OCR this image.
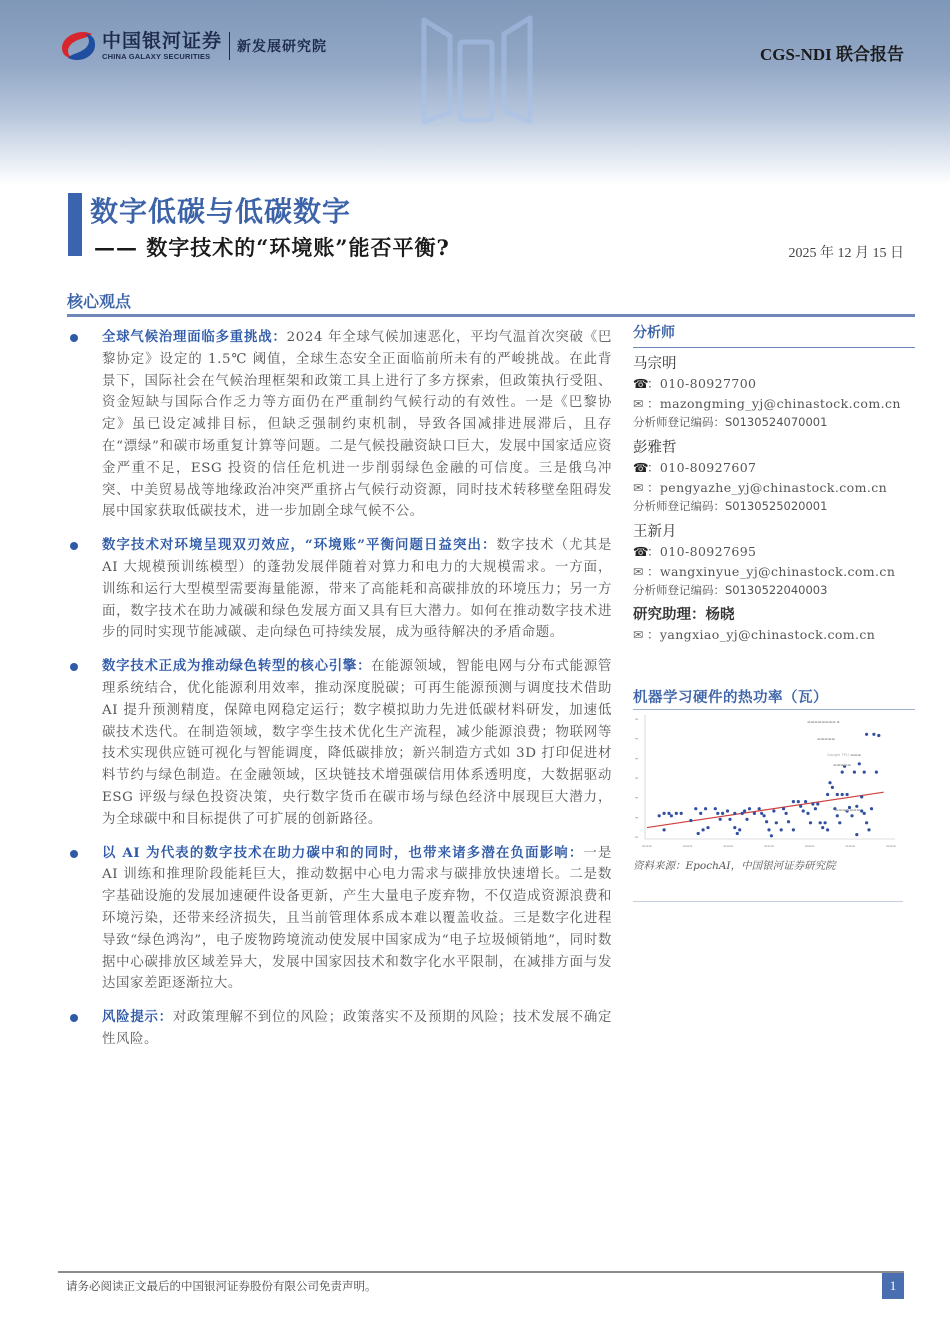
中国银河证券
CHINA GALAXY SECURITIES
新发展研究院	CGS-NDI 联合报告
数字低碳与低碳数字
—— 数字技术的“环境账”能否平衡?	2025 年 12 月 15 日
核心观点

全球气候治理面临多重挑战：2024 年全球气候加速恶化，平均气温首次突破《巴黎协定》设定的 1.5℃ 阈值，全球生态安全正面临前所未有的严峻挑战。在此背景下，国际社会在气候治理框架和政策工具上进行了多方探索，但政策执行受阻、资金短缺与国际合作乏力等方面仍在严重制约气候行动的有效性。一是《巴黎协定》虽已设定减排目标，但缺乏强制约束机制，导致各国减排进展滞后，且存在“漂绿”和碳市场重复计算等问题。二是气候投融资缺口巨大，发展中国家适应资金严重不足，ESG 投资的信任危机进一步削弱绿色金融的可信度。三是俄乌冲突、中美贸易战等地缘政治冲突严重挤占气候行动资源，同时技术转移壁垒阻碍发展中国家获取低碳技术，进一步加剧全球气候不公。

数字技术对环境呈现双刃效应，“环境账”平衡问题日益突出：数字技术（尤其是 AI 大规模预训练模型）的蓬勃发展伴随着对算力和电力的大规模需求。一方面，训练和运行大型模型需要海量能源，带来了高能耗和高碳排放的环境压力；另一方面，数字技术在助力减碳和绿色发展方面又具有巨大潜力。如何在推动数字技术进步的同时实现节能减碳、走向绿色可持续发展，成为亟待解决的矛盾命题。

数字技术正成为推动绿色转型的核心引擎：在能源领域，智能电网与分布式能源管理系统结合，优化能源利用效率，推动深度脱碳；可再生能源预测与调度技术借助 AI 提升预测精度，保障电网稳定运行；数字模拟助力先进低碳材料研发，加速低碳技术迭代。在制造领域，数字孪生技术优化生产流程，减少能源浪费；物联网等技术实现供应链可视化与智能调度，降低碳排放；新兴制造方式如 3D 打印促进材料节约与绿色制造。在金融领域，区块链技术增强碳信用体系透明度，大数据驱动 ESG 评级与绿色投资决策，央行数字货币在碳市场与绿色经济中展现巨大潜力，为全球碳中和目标提供了可扩展的创新路径。

以 AI 为代表的数字技术在助力碳中和的同时，也带来诸多潜在负面影响：一是 AI 训练和推理阶段能耗巨大，推动数据中心电力需求与碳排放快速增长。二是数字基础设施的发展加速硬件设备更新，产生大量电子废弃物，不仅造成资源浪费和环境污染，还带来经济损失，且当前管理体系成本难以覆盖收益。三是数字化进程导致“绿色鸿沟”，电子废物跨境流动使发展中国家成为“电子垃圾倾销地”，同时数据中心碳排放区域差异大，发展中国家因技术和数字化水平限制，在减排方面与发达国家差距逐渐拉大。

风险提示：对政策理解不到位的风险；政策落实不及预期的风险；技术发展不确定性风险。

分析师
马宗明
☎：010-80927700
✉ ：mazongming_yj@chinastock.com.cn
分析师登记编码：S0130524070001
彭雅哲
☎：010-80927607
✉ ：pengyazhe_yj@chinastock.com.cn
分析师登记编码：S0130525020001
王新月
☎：010-80927695
✉ ：wangxinyue_yj@chinastock.com.cn
分析师登记编码：S0130522040003
研究助理：杨晓
✉ ：yangxiao_yj@chinastock.com.cn
机器学习硬件的热功率（瓦）
▬
▬
▬
▬
▬
▬
▬
▬▬▬	▬▬▬	▬▬▬	▬▬▬	▬▬▬	▬▬▬	▬▬▬
▬▬▬▬▬▬▬▬ ▪
▬▬▬▬▬
Google TPU ▬▬▬
▬▬▬▬▬
▬▬▬▬▬▬▬
资料来源：EpochAI，中国银河证券研究院
请务必阅读正文最后的中国银河证券股份有限公司免责声明。	1
